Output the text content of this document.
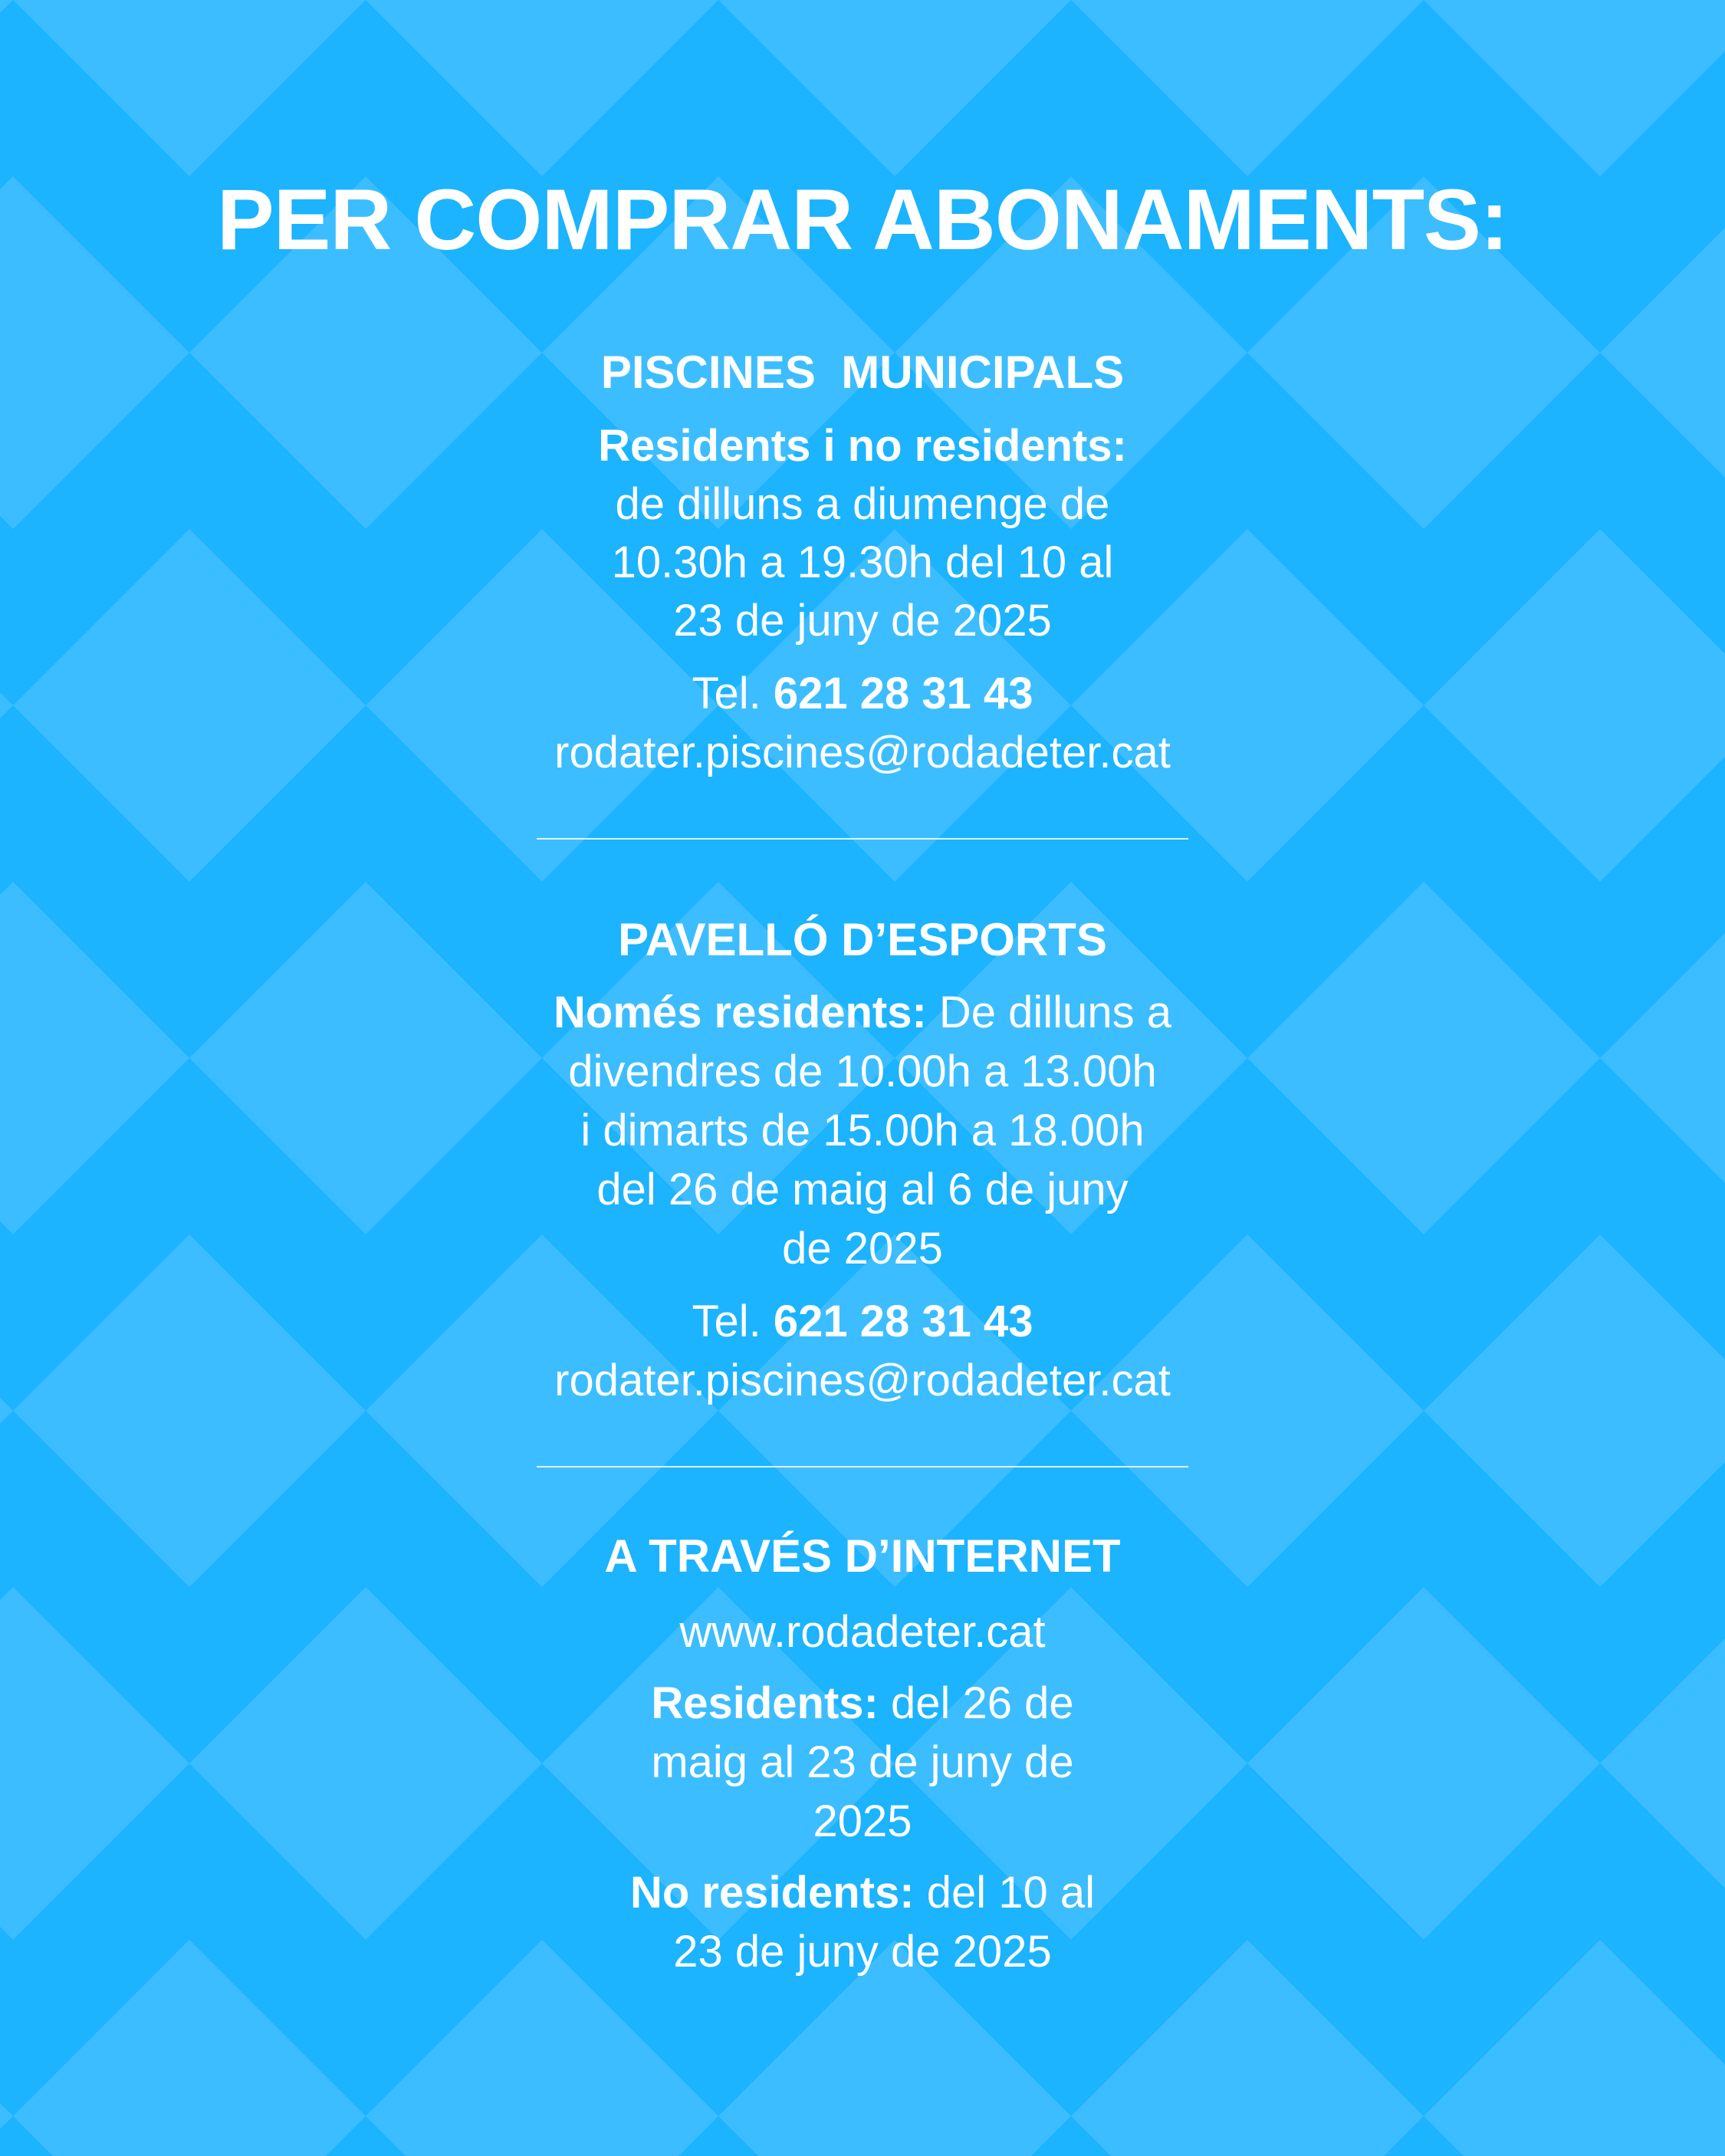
PER COMPRAR ABONAMENTS:

PISCINES  MUNICIPALS

Residents i no residents:
de dilluns a diumenge de
10.30h a 19.30h del 10 al
23 de juny de 2025

Tel. 621 28 31 43
rodater.piscines@rodadeter.cat

PAVELLÓ D’ESPORTS

Només residents: De dilluns a
divendres de 10.00h a 13.00h
i dimarts de 15.00h a 18.00h
del 26 de maig al 6 de juny
de 2025

Tel. 621 28 31 43
rodater.piscines@rodadeter.cat

A TRAVÉS D’INTERNET

www.rodadeter.cat

Residents: del 26 de
maig al 23 de juny de
2025

No residents: del 10 al
23 de juny de 2025
